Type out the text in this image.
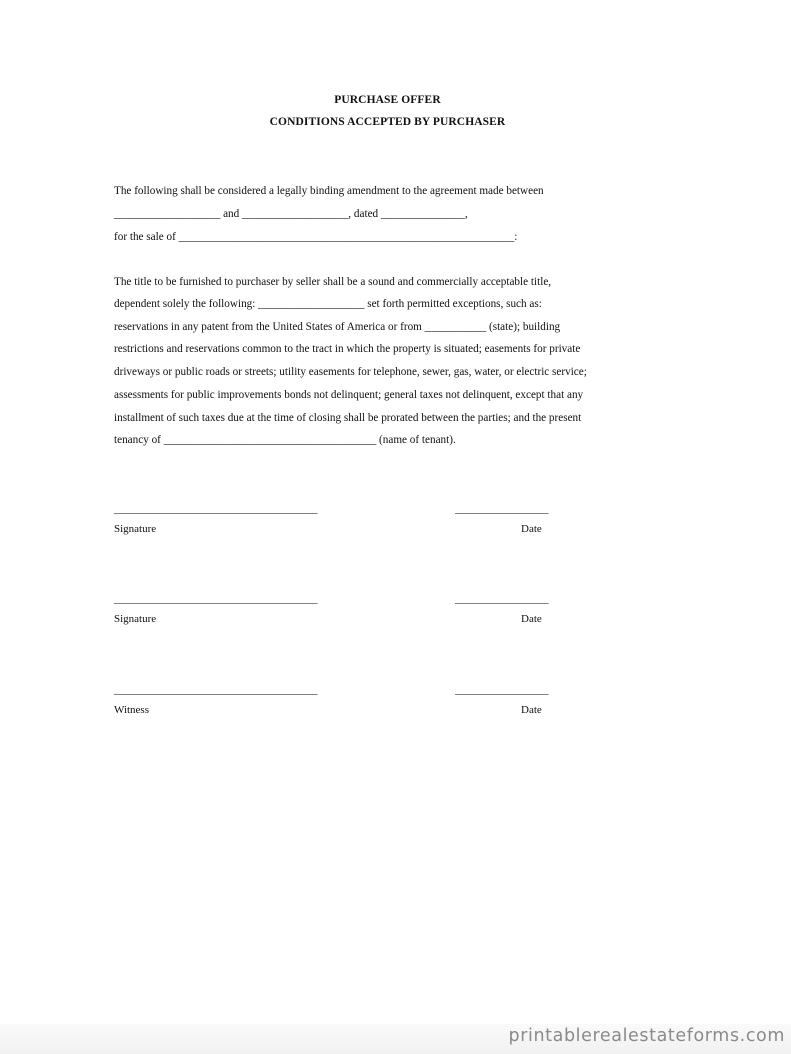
PURCHASE OFFER
CONDITIONS ACCEPTED BY PURCHASER
The following shall be considered a legally binding amendment to the agreement made between
___________________ and ___________________, dated _______________,
for the sale of ____________________________________________________________:
The title to be furnished to purchaser by seller shall be a sound and commercially acceptable title,
dependent solely the following: ___________________ set forth permitted exceptions, such as:
reservations in any patent from the United States of America or from ___________ (state); building
restrictions and reservations common to the tract in which the property is situated; easements for private
driveways or public roads or streets; utility easements for telephone, sewer, gas, water, or electric service;
assessments for public improvements bonds not delinquent; general taxes not delinquent, except that any
installment of such taxes due at the time of closing shall be prorated between the parties; and the present
tenancy of ______________________________________ (name of tenant).
_____________________________________	_________________
Signature	Date
_____________________________________	_________________
Signature	Date
_____________________________________	_________________
Witness	Date
printablerealestateforms.com
